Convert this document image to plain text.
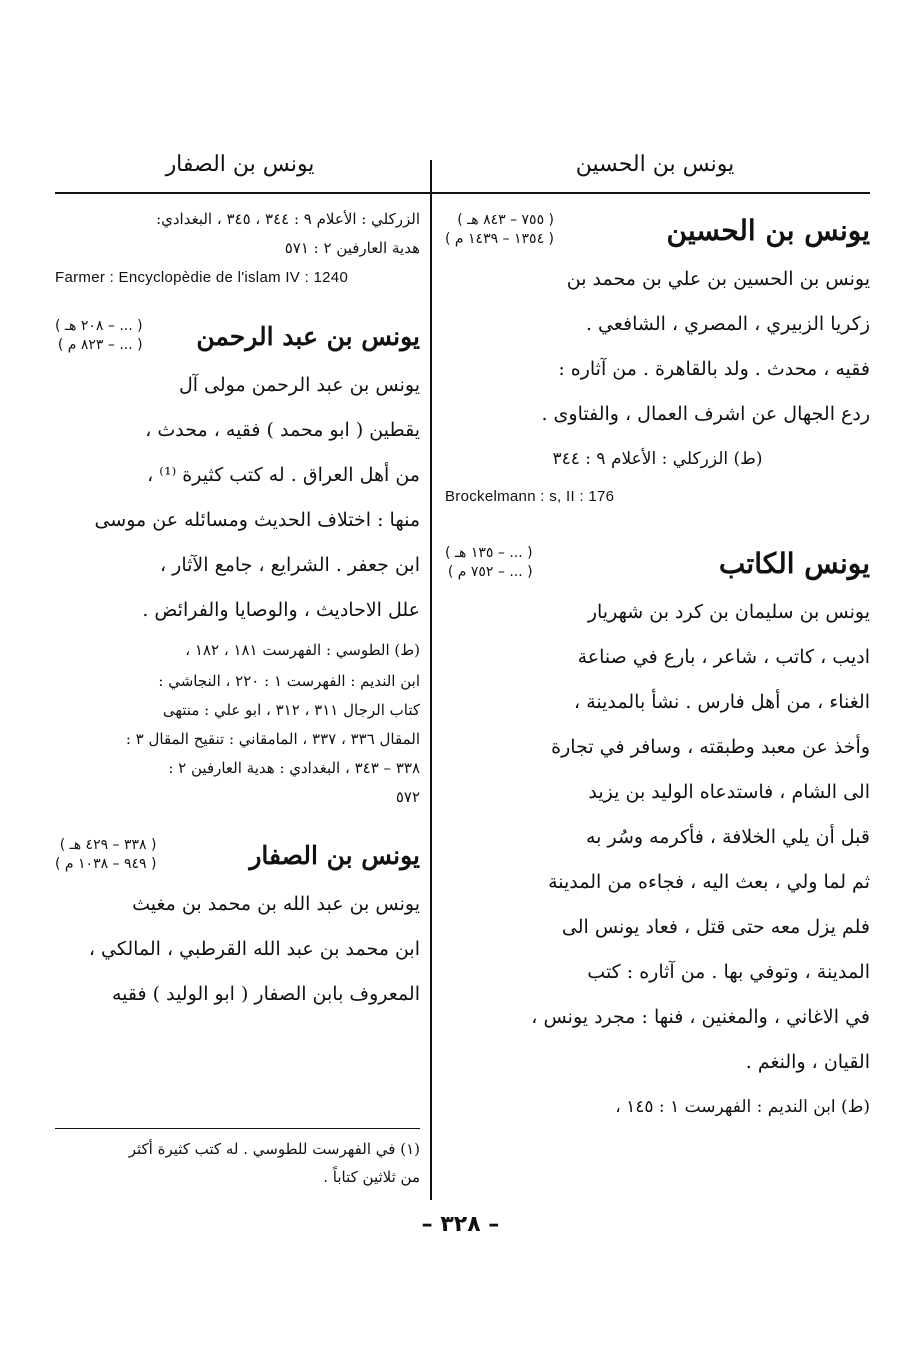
يونس بن الحسين
يونس بن الصفار
يونس بن الحسين
( ٧٥٥ – ٨٤٣ هـ )
( ١٣٥٤ – ١٤٣٩ م )
يونس بن الحسين بن علي بن محمد بن
زكريا الزبيري ، المصري ، الشافعي .
فقيه ، محدث . ولد بالقاهرة . من آثاره :
ردع الجهال عن اشرف العمال ، والفتاوى .
(ط) الزركلي : الأعلام ٩ : ٣٤٤
Brockelmann : s, II : 176
يونس الكاتب
( ... – ١٣٥ هـ )
( ... – ٧٥٢ م )
يونس بن سليمان بن كرد بن شهريار
اديب ، كاتب ، شاعر ، بارع في صناعة
الغناء ، من أهل فارس . نشأ بالمدينة ،
وأخذ عن معبد وطبقته ، وسافر في تجارة
الى الشام ، فاستدعاه الوليد بن يزيد
قبل أن يلي الخلافة ، فأكرمه وسُر به
ثم لما ولي ، بعث اليه ، فجاءه من المدينة
فلم يزل معه حتى قتل ، فعاد يونس الى
المدينة ، وتوفي بها . من آثاره : كتب
في الاغاني ، والمغنين ، فنها : مجرد يونس ،
القيان ، والنغم .
(ط) ابن النديم : الفهرست ١ : ١٤٥ ،
الزركلي : الأعلام ٩ : ٣٤٤ ، ٣٤٥ ، البغدادي:
هدية العارفين ٢ : ٥٧١
Farmer : Encyclopèdie de l'islam IV : 1240
يونس بن عبد الرحمن
( ... – ٢٠٨ هـ )
( ... – ٨٢٣ م )
يونس بن عبد الرحمن مولى آل
يقطين ( ابو محمد ) فقيه ، محدث ،
من أهل العراق . له كتب كثيرة ⁽¹⁾ ،
منها : اختلاف الحديث ومسائله عن موسى
ابن جعفر . الشرايع ، جامع الآثار ،
علل الاحاديث ، والوصايا والفرائض .
(ط) الطوسي : الفهرست ١٨١ ، ١٨٢ ،
ابن النديم : الفهرست ١ : ٢٢٠ ، النجاشي :
كتاب الرجال ٣١١ ، ٣١٢ ، ابو علي : منتهى
المقال ٣٣٦ ، ٣٣٧ ، المامقاني : تنقيح المقال ٣ :
٣٣٨ – ٣٤٣ ، البغدادي : هدية العارفين ٢ :
٥٧٢
يونس بن الصفار
( ٣٣٨ – ٤٢٩ هـ )
( ٩٤٩ – ١٠٣٨ م )
يونس بن عبد الله بن محمد بن مغيث
ابن محمد بن عبد الله القرطبي ، المالكي ،
المعروف بابن الصفار ( ابو الوليد ) فقيه
(١) في الفهرست للطوسي . له كتب كثيرة أكثر
من ثلاثين كتاباً .
– ٣٢٨ –
